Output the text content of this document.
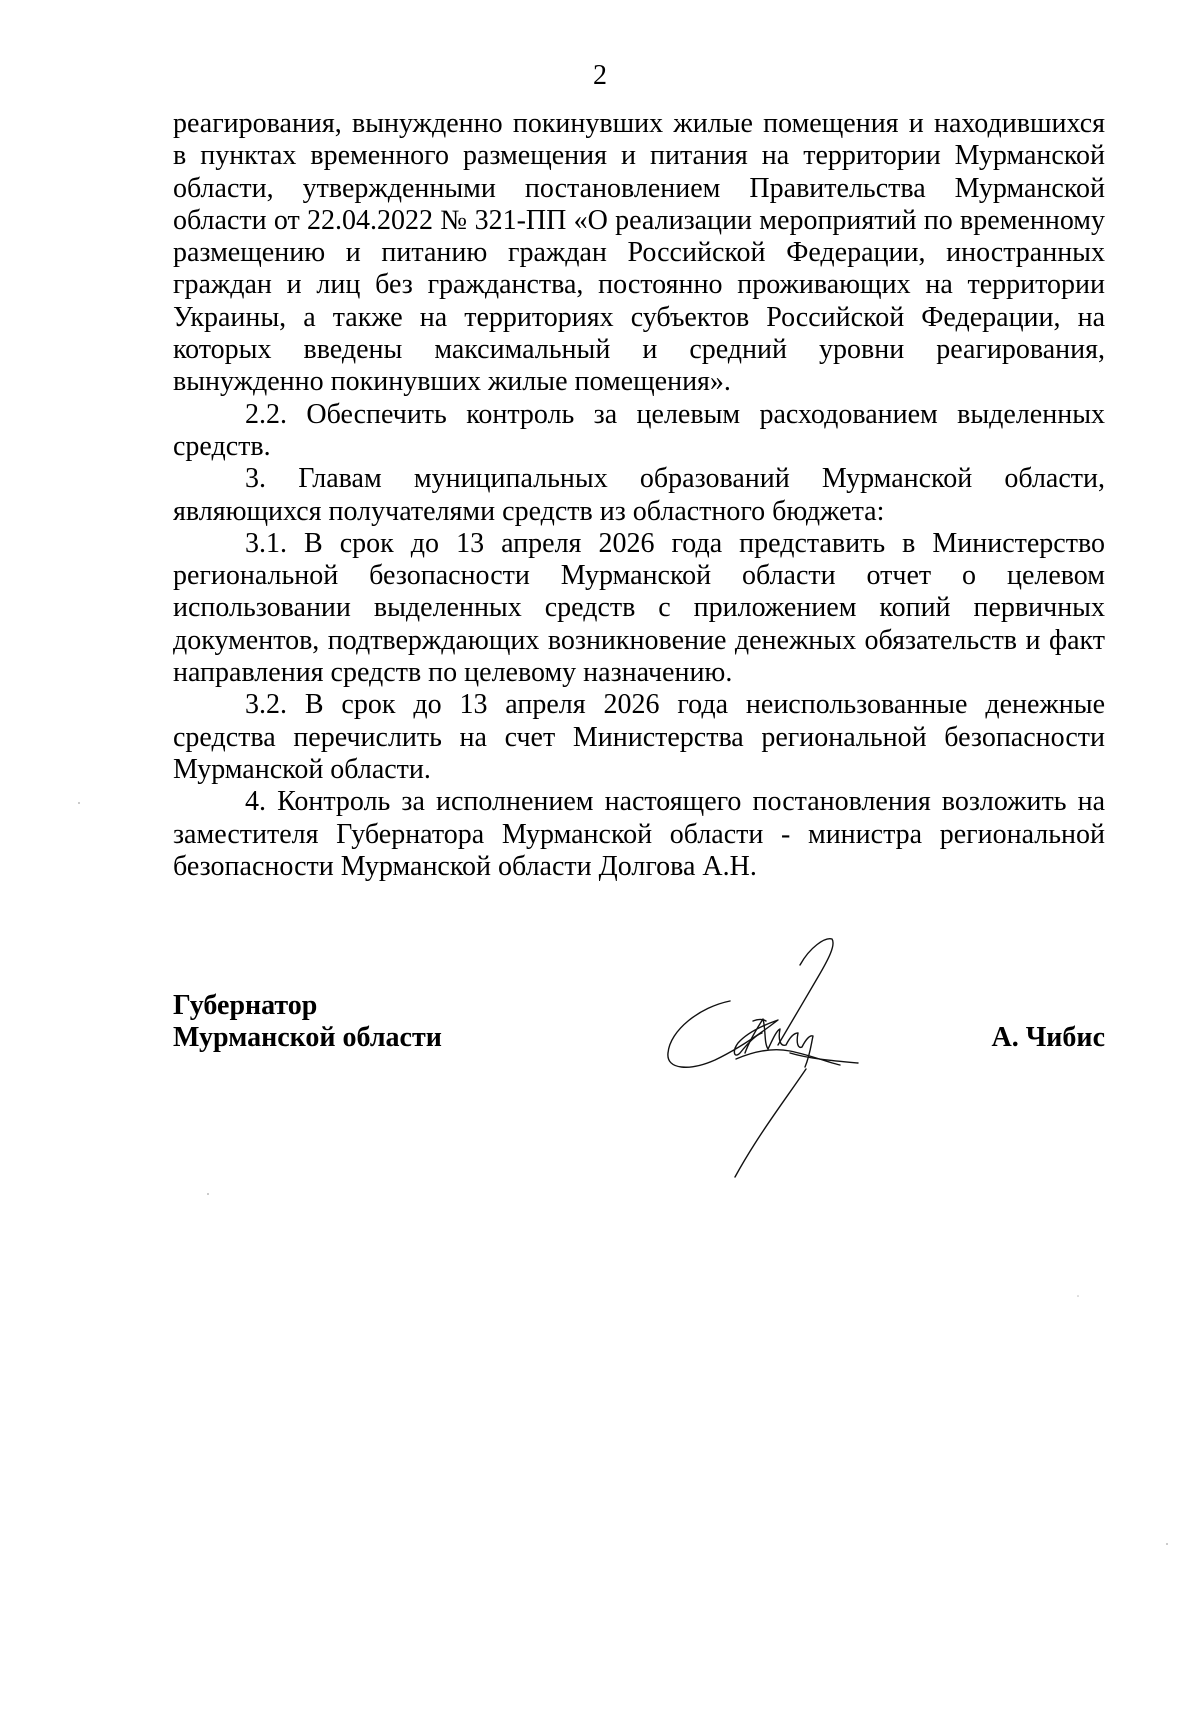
2

реагирования, вынужденно покинувших жилые помещения и находившихся в пунктах временного размещения и питания на территории Мурманской области, утвержденными постановлением Правительства Мурманской области от 22.04.2022 № 321-ПП «О реализации мероприятий по временному размещению и питанию граждан Российской Федерации, иностранных граждан и лиц без гражданства, постоянно проживающих на территории Украины, а также на территориях субъектов Российской Федерации, на которых введены максимальный и средний уровни реагирования, вынужденно покинувших жилые помещения».

2.2. Обеспечить контроль за целевым расходованием выделенных средств.

3. Главам муниципальных образований Мурманской области, являющихся получателями средств из областного бюджета:

3.1. В срок до 13 апреля 2026 года представить в Министерство региональной безопасности Мурманской области отчет о целевом использовании выделенных средств с приложением копий первичных документов, подтверждающих возникновение денежных обязательств и факт направления средств по целевому назначению.

3.2. В срок до 13 апреля 2026 года неиспользованные денежные средства перечислить на счет Министерства региональной безопасности Мурманской области.

4. Контроль за исполнением настоящего постановления возложить на заместителя Губернатора Мурманской области - министра региональной безопасности Мурманской области Долгова А.Н.

Губернатор
Мурманской области	А. Чибис
